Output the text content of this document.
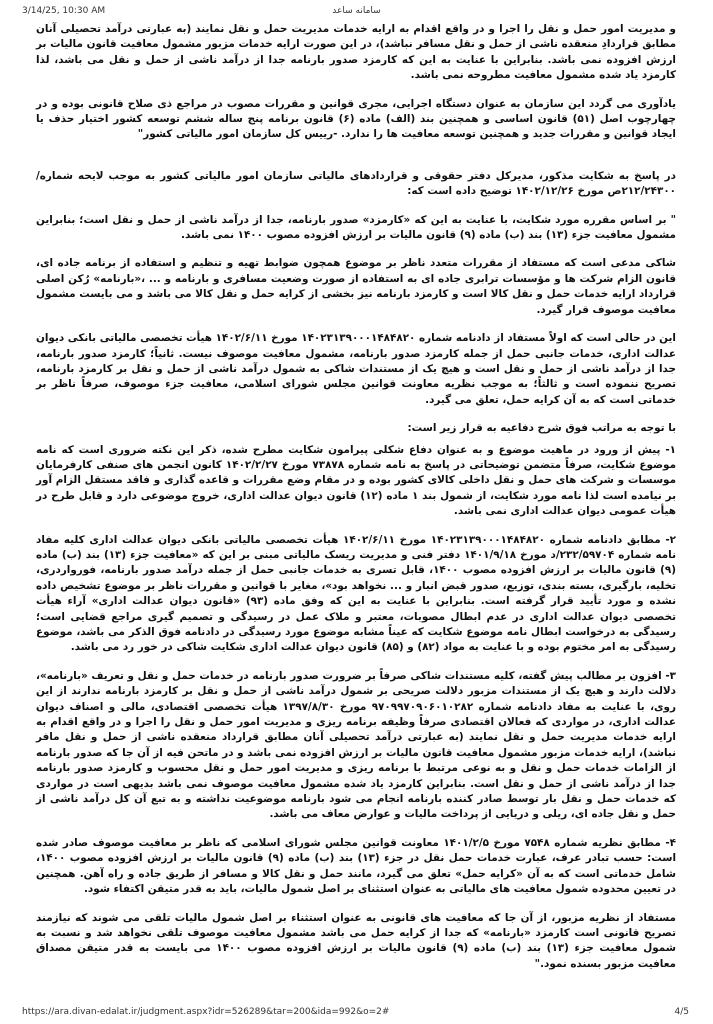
3/14/25, 10:30 AM	سامانه ساعد

و مدیریت امور حمل و نقل را اجرا و در واقع اقدام به ارایه خدمات مدیریت حمل و نقل نمایند (به عبارتی درآمد تحصیلی آنان مطابق قراردادِ منعقده ناشی از حمل و نقل مسافر نباشد)، در این صورت ارایه خدمات مزبور مشمول معافیت قانون مالیات بر ارزش افزوده نمی باشد. بنابراین با عنایت به این که کارمزد صدور بارنامه جدا از درآمد ناشی از حمل و نقل می باشد، لذا کارمزد یاد شده مشمول معافیت مطروحه نمی باشد.

یادآوری می گردد این سازمان به عنوان دستگاه اجرایی، مجری قوانین و مقررات مصوب در مراجع ذی صلاح قانونی بوده و در چهارچوب اصل (۵۱) قانون اساسی و همچنین بند (الف) ماده (۶) قانون برنامه پنج ساله ششم توسعه کشور اختیار حذف یا ایجاد قوانین و مقررات جدید و همچنین توسعه معافیت ها را ندارد. -رییس کل سازمان امور مالیاتی کشور"

در پاسخ به شکایت مذکور، مدیرکل دفتر حقوقی و قراردادهای مالیاتی سازمان امور مالیاتی کشور به موجب لایحه شماره/ ۲۱۲/۲۴۳۰۰ص مورخ ۱۴۰۲/۱۲/۲۶ توضیح داده است که:

" بر اساس مقرره مورد شکایت، با عنایت به این که «کارمزد» صدور بارنامه، جدا از درآمد ناشی از حمل و نقل است؛ بنابراین مشمول معافیت جزء (۱۳) بند (ب) ماده (۹) قانون مالیات بر ارزش افزوده مصوب ۱۴۰۰ نمی باشد.

شاکی مدعی است که مستفاد از مقررات متعدد ناظر بر موضوع همچون ضوابط تهیه و تنظیم و استفاده از برنامه جاده ای، قانون الزام شرکت ها و مؤسسات ترابری جاده ای به استفاده از صورت وضعیت مسافری و بارنامه و ... ،«بارنامه» رُکن اصلی قرارداد ارایه خدمات حمل و نقل کالا است و کارمزد بارنامه نیز بخشی از کرایه حمل و نقل کالا می باشد و می بایست مشمول معافیت موصوف قرار گیرد.

این در حالی است که اولاً مستفاد از دادنامه شماره ۱۴۰۲۳۱۳۹۰۰۰۱۴۸۴۸۲۰ مورخ ۱۴۰۲/۶/۱۱ هیأت تخصصی مالیاتی بانکی دیوان عدالت اداری، خدمات جانبی حمل از جمله کارمزد صدور بارنامه، مشمول معافیت موصوف نیست. ثانیاً؛ کارمزد صدور بارنامه، جدا از درآمد ناشی از حمل و نقل است و هیچ یک از مستندات شاکی به شمول درآمد ناشی از حمل و نقل بر کارمزد بارنامه، تصریح ننموده است و ثالثاً؛ به موجب نظریه معاونت قوانین مجلس شورای اسلامی، معافیت جزء موصوف، صرفاً ناظر بر خدماتی است که به آن کرایه حمل، تعلق می گیرد.

با توجه به مراتب فوق شرح دفاعیه به قرار زیر است:

۱- پیش از ورود در ماهیت موضوع و به عنوان دفاع شکلی پیرامون شکایت مطرح شده، ذکر این نکته ضروری است که نامه موضوع شکایت، صرفاً متضمن توضیحاتی در پاسخ به نامه شماره ۷۳۸۷۸ مورخ ۱۴۰۲/۲/۲۷ کانون انجمن های صنفی کارفرمایان موسسات و شرکت های حمل و نقل داخلی کالای کشور بوده و در مقام وضع مقررات و قاعده گذاری و فاقد مستقل الزام آور بر نیامده است لذا نامه مورد شکایت، از شمول بند ۱ ماده (۱۲) قانون دیوان عدالت اداری، خروج موضوعی دارد و قابل طرح در هیأت عمومی دیوان عدالت اداری نمی باشد.

۲- مطابق دادنامه شماره ۱۴۰۲۳۱۳۹۰۰۰۱۴۸۴۸۲۰ مورخ ۱۴۰۲/۶/۱۱ هیأت تخصصی مالیاتی بانکی دیوان عدالت اداری کلیه مفاد نامه شماره ۲۳۲/۵۹۷۰۴/د مورخ ۱۴۰۱/۹/۱۸ دفتر فنی و مدیریت ریسک مالیاتی مبنی بر این که «معافیت جزء (۱۳) بند (ب) ماده (۹) قانون مالیات بر ارزش افزوده مصوب ۱۴۰۰، قابل تسری به خدمات جانبی حمل از جمله درآمد صدور بارنامه، فورواردری، تخلیه، بارگیری، بسته بندی، توزیع، صدور قبض انبار و ... نخواهد بود»، مغایر با قوانین و مقررات ناظر بر موضوع تشخیص داده نشده و مورد تأیید قرار گرفته است. بنابراین با عنایت به این که وفق ماده (۹۳) «قانون دیوان عدالت اداری» آراء هیأت تخصصی دیوان عدالت اداری در عدم ابطال مصوبات، معتبر و ملاک عمل در رسیدگی و تصمیم گیری مراجع قضایی است؛ رسیدگی به درخواست ابطال نامه موضوع شکایت که عیناً مشابه موضوع مورد رسیدگی در دادنامه فوق الذکر می باشد، موضوع رسیدگی به امر مختوم بوده و با عنایت به مواد (۸۲) و (۸۵) قانون دیوان عدالت اداری شکایت شاکی در خور رد می باشد.

۳- افزون بر مطالب پیش گفته، کلیه مستندات شاکی صرفاً بر ضرورت صدور بارنامه در خدمات حمل و نقل و تعریف «بارنامه»، دلالت دارند و هیچ یک از مستندات مزبور دلالت صریحی بر شمول درآمد ناشی از حمل و نقل بر کارمزد بارنامه ندارند از این روی، با عنایت به مفاد دادنامه شماره ۹۷۰۹۹۷۰۹۰۶۰۱۰۲۸۲ مورخ ۱۳۹۷/۸/۳۰ هیأت تخصصی اقتصادی، مالی و اصناف دیوان عدالت اداری، در مواردی که فعالان اقتصادی صرفاً وظیفه برنامه ریزی و مدیریت امور حمل و نقل را اجرا و در واقع اقدام به ارایه خدمات مدیریت حمل و نقل نمایند (به عبارتی درآمد تحصیلی آنان مطابق قرارداد منعقده ناشی از حمل و نقل مافر نباشد)، ارایه خدمات مزبور مشمول معافیت قانون مالیات بر ارزش افزوده نمی باشد و در ماتحن فیه از آن جا که صدور بارنامه از الزامات خدمات حمل و نقل و به نوعی مرتبط با برنامه ریزی و مدیریت امور حمل و نقل محسوب و کارمزد صدور بارنامه جدا از درآمد ناشی از حمل و نقل است. بنابراین کارمزد یاد شده مشمول معافیت موصوف نمی باشد بدیهی است در مواردی که خدمات حمل و نقل بار توسط صادر کننده بارنامه انجام می شود بارنامه موضوعیت نداشته و به تبع آن کل درآمد ناشی از حمل و نقل جاده ای، ریلی و دریایی از پرداخت مالیات و عوارض معاف می باشد.

۴- مطابق نظریه شماره ۷۵۴۸ مورخ ۱۴۰۱/۲/۵ معاونت قوانین مجلس شورای اسلامی که ناظر بر معافیت موصوف صادر شده است: حسب تبادر عرف، عبارت خدمات حمل نقل در جزء (۱۳) بند (ب) ماده (۹) قانون مالیات بر ارزش افزوده مصوب ۱۴۰۰، شامل خدماتی است که به آن «کرایه حمل» تعلق می گیرد، مانند حمل و نقل کالا و مسافر از طریق جاده و راه آهن. همچنین در تعیین محدوده شمول معافیت های مالیاتی به عنوان استثنای بر اصل شمول مالیات، باید به قدر متیقن اکتفاء شود.

مستفاد از نظریه مزبور، از آن جا که معافیت های قانونی به عنوان استثناء بر اصل شمول مالیات تلقی می شوند که نیازمند تصریح قانونی است کارمزد «بارنامه» که جدا از کرایه حمل می باشد مشمول معافیت موصوف تلقی نخواهد شد و نسبت به شمول معافیت جزء (۱۳) بند (ب) ماده (۹) قانون مالیات بر ارزش افزوده مصوب ۱۴۰۰ می بایست به قدر متیقن مصداق معافیت مزبور بسنده نمود."

https://ara.divan-edalat.ir/judgment.aspx?idr=526289&tar=200&ida=992&o=2#	4/5
